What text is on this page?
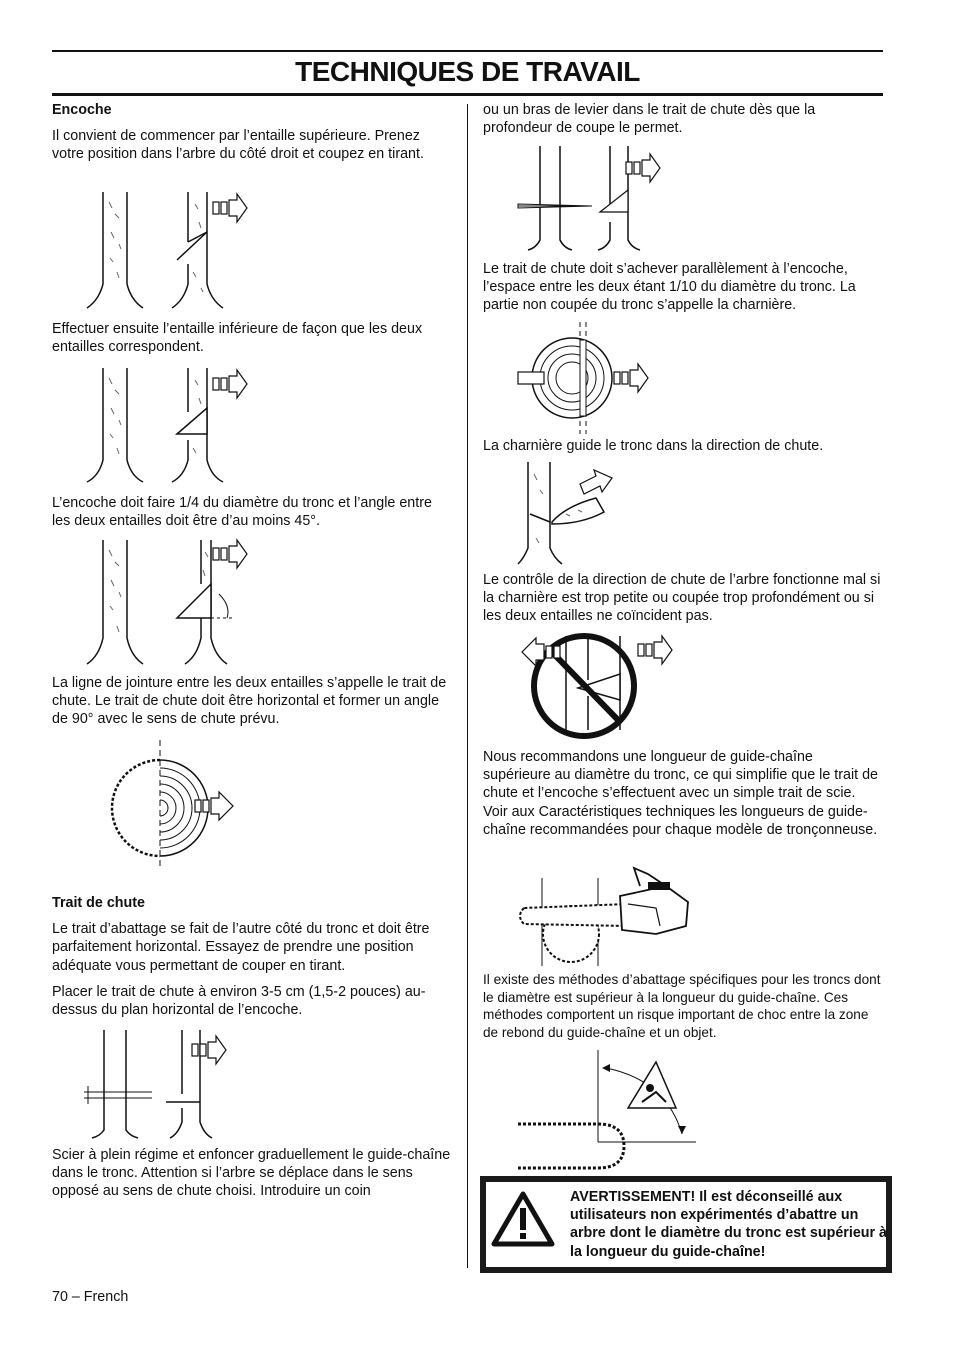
TECHNIQUES DE TRAVAIL

Encoche

Il convient de commencer par l’entaille supérieure. Prenez votre position dans l’arbre du côté droit et coupez en tirant.

Effectuer ensuite l’entaille inférieure de façon que les deux entailles correspondent.

L’encoche doit faire 1/4 du diamètre du tronc et l’angle entre les deux entailles doit être d’au moins 45°.

La ligne de jointure entre les deux entailles s’appelle le trait de chute. Le trait de chute doit être horizontal et former un angle de 90° avec le sens de chute prévu.

Trait de chute

Le trait d’abattage se fait de l’autre côté du tronc et doit être parfaitement horizontal. Essayez de prendre une position adéquate vous permettant de couper en tirant.

Placer le trait de chute à environ 3-5 cm (1,5-2 pouces) au-dessus du plan horizontal de l’encoche.

Scier à plein régime et enfoncer graduellement le guide-chaîne dans le tronc. Attention si l’arbre se déplace dans le sens opposé au sens de chute choisi. Introduire un coin

ou un bras de levier dans le trait de chute dès que la profondeur de coupe le permet.

Le trait de chute doit s’achever parallèlement à l’encoche, l’espace entre les deux étant 1/10 du diamètre du tronc. La partie non coupée du tronc s’appelle la charnière.

La charnière guide le tronc dans la direction de chute.

Le contrôle de la direction de chute de l’arbre fonctionne mal si la charnière est trop petite ou coupée trop profondément ou si les deux entailles ne coïncident pas.

Nous recommandons une longueur de guide-chaîne supérieure au diamètre du tronc, ce qui simplifie que le trait de chute et l’encoche s’effectuent avec un simple trait de scie. Voir aux Caractéristiques techniques les longueurs de guide-chaîne recommandées pour chaque modèle de tronçonneuse.

Il existe des méthodes d’abattage spécifiques pour les troncs dont le diamètre est supérieur à la longueur du guide-chaîne. Ces méthodes comportent un risque important de choc entre la zone de rebond du guide-chaîne et un objet.

AVERTISSEMENT! Il est déconseillé aux utilisateurs non expérimentés d’abattre un arbre dont le diamètre du tronc est supérieur à la longueur du guide-chaîne!
70 – French
